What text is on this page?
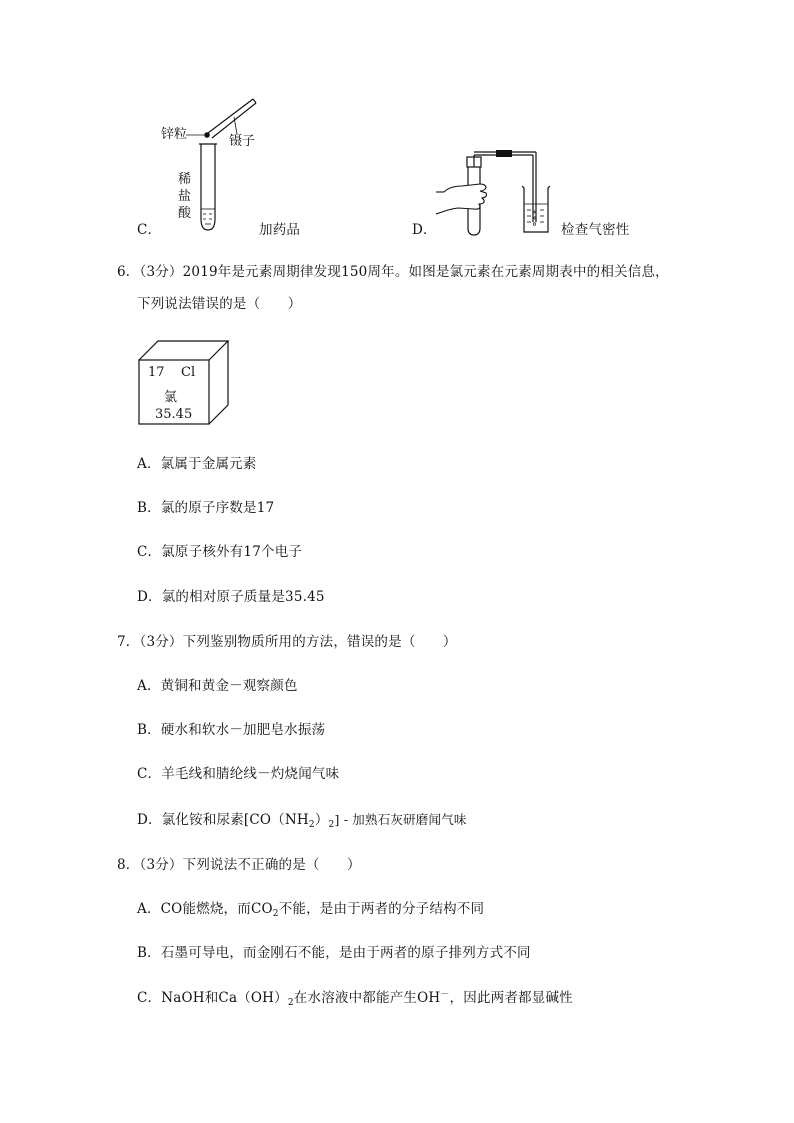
锌粒	镊子
稀
盐
酸
C．	加药品	D．	检查气密性
6．（3分）2019年是元素周期律发现150周年。如图是氯元素在元素周期表中的相关信息，
下列说法错误的是（　　）
17 Cl
氯
35.45
A．氯属于金属元素
B．氯的原子序数是17
C．氯原子核外有17个电子
D．氯的相对原子质量是35.45
7．（3分）下列鉴别物质所用的方法，错误的是（　　）
A．黄铜和黄金－观察颜色
B．硬水和软水－加肥皂水振荡
C．羊毛线和腈纶线－灼烧闻气味
D．氯化铵和尿素$[CO(NH_2)_2]$ - 加熟石灰研磨闻气味
8．（3分）下列说法不正确的是（　　）
A．CO能燃烧，而$CO_2$不能，是由于两者的分子结构不同
B．石墨可导电，而金刚石不能，是由于两者的原子排列方式不同
C．NaOH和$Ca(OH)_2$在水溶液中都能产生OH－，因此两者都显碱性
